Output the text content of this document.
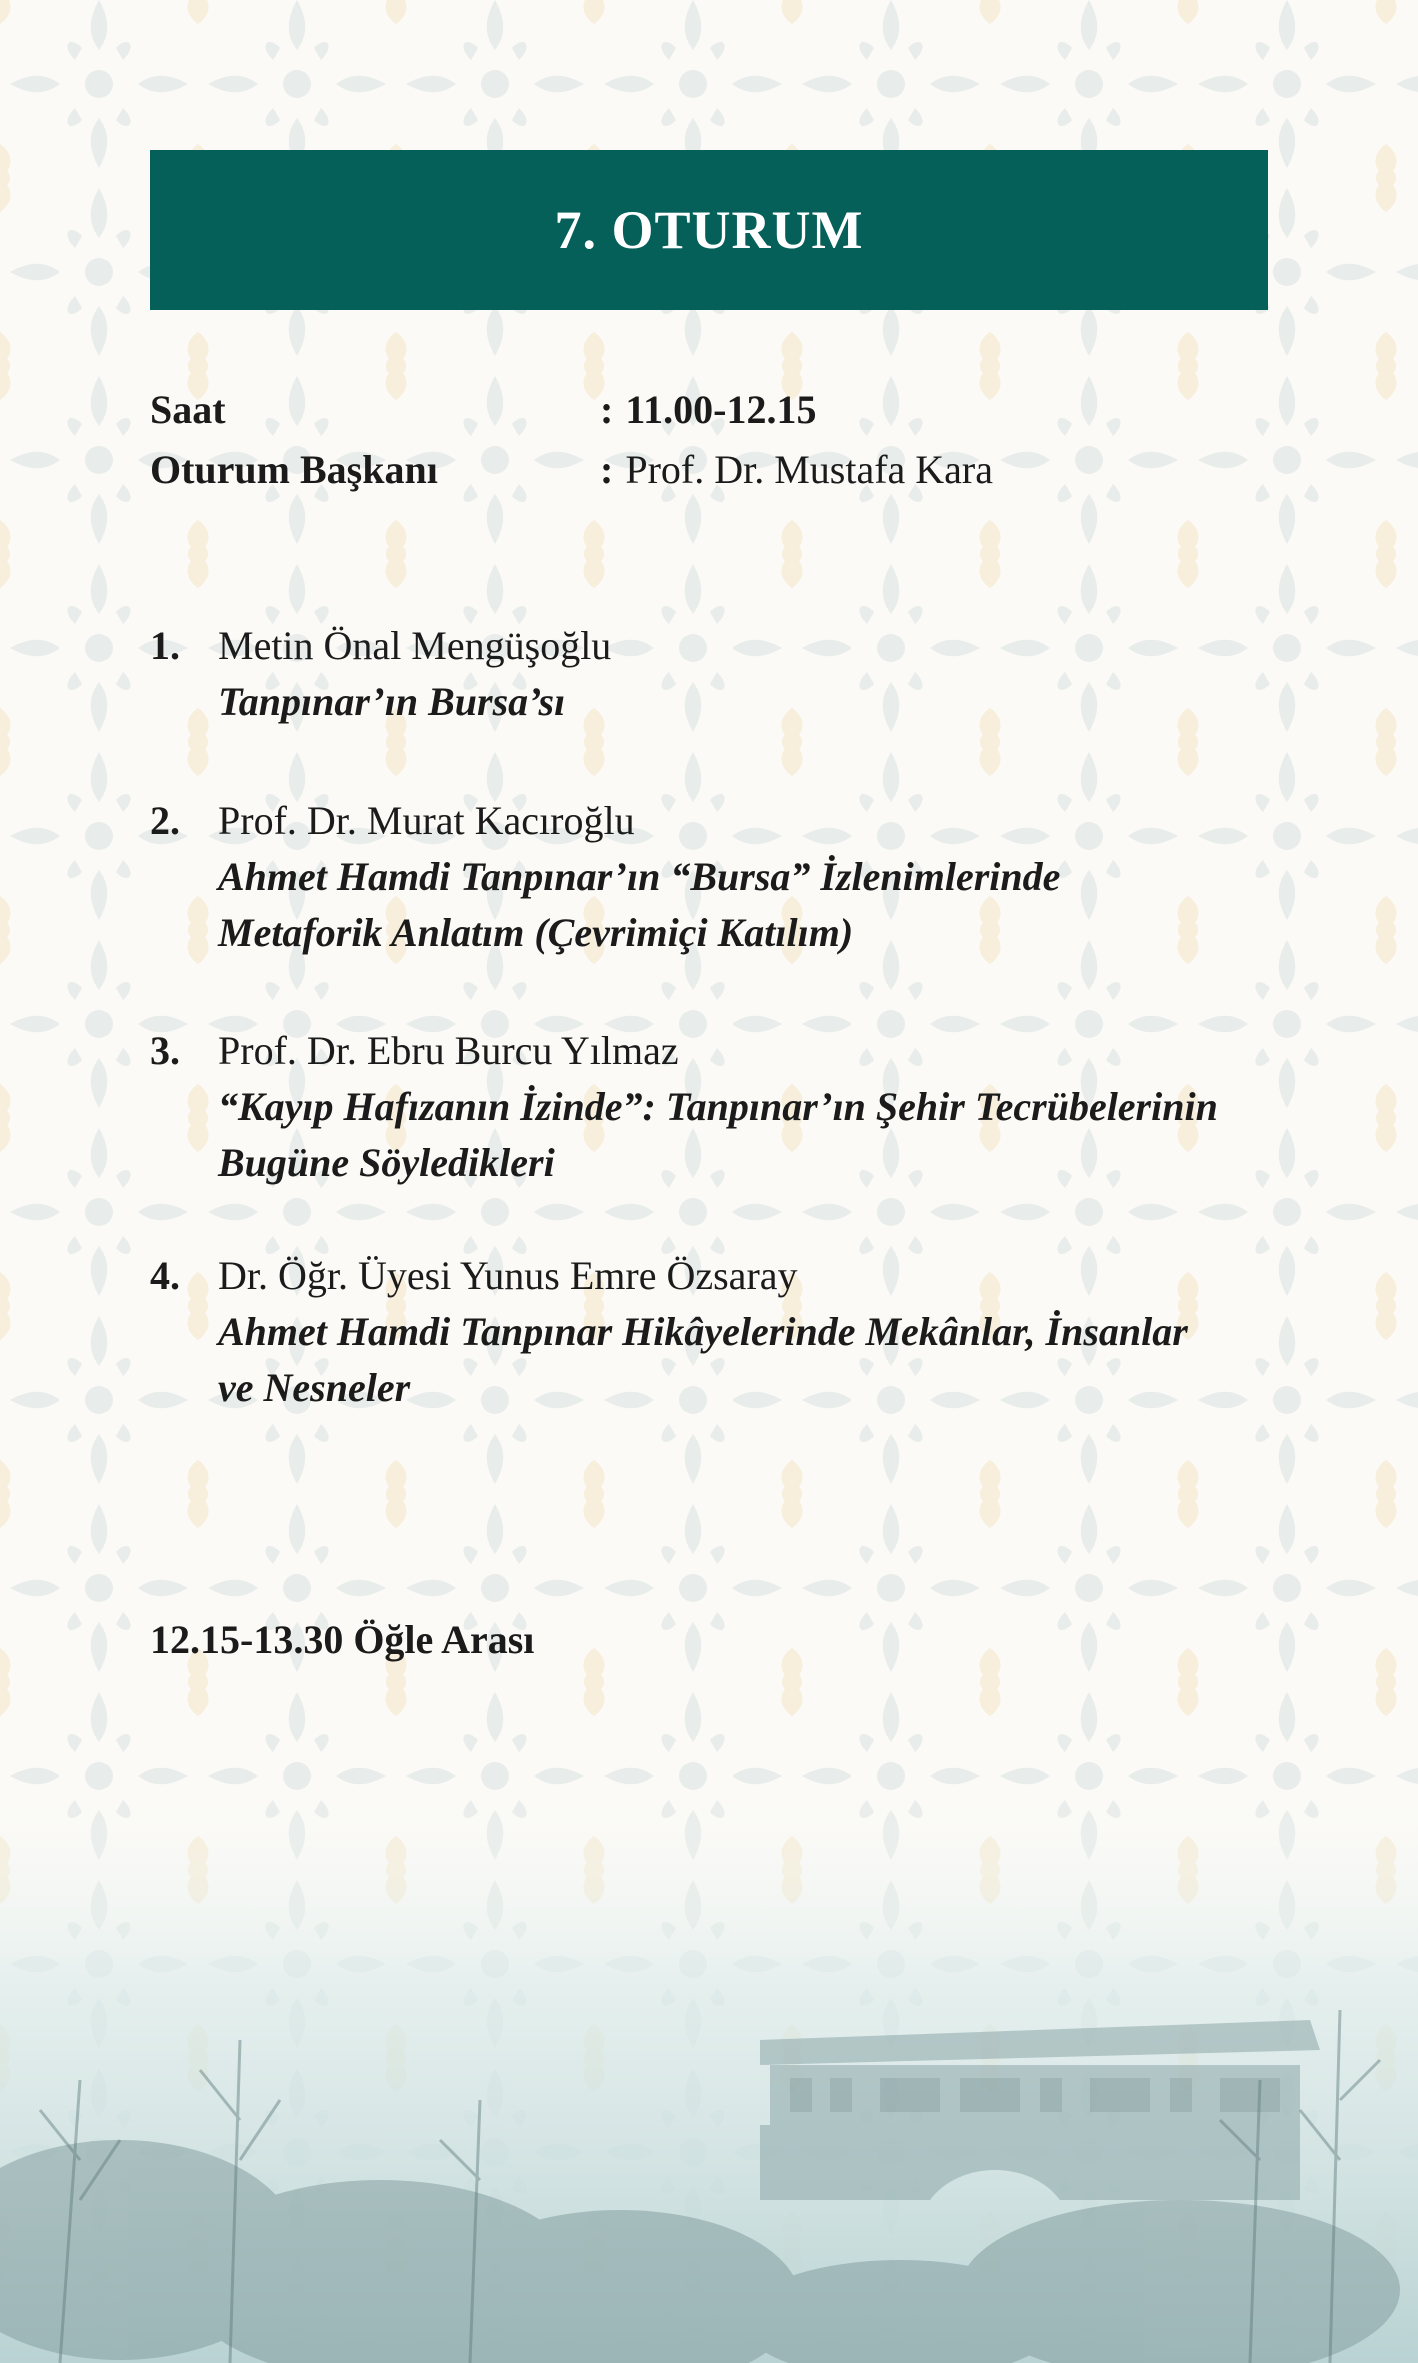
7. OTURUM
Saat	: 11.00-12.15
Oturum Başkanı	: Prof. Dr. Mustafa Kara
1. Metin Önal Mengüşoğlu
Tanpınar’ın Bursa’sı
2. Prof. Dr. Murat Kacıroğlu
Ahmet Hamdi Tanpınar’ın “Bursa” İzlenimlerinde
Metaforik Anlatım (Çevrimiçi Katılım)
3. Prof. Dr. Ebru Burcu Yılmaz
“Kayıp Hafızanın İzinde”: Tanpınar’ın Şehir Tecrübelerinin
Bugüne Söyledikleri
4. Dr. Öğr. Üyesi Yunus Emre Özsaray
Ahmet Hamdi Tanpınar Hikâyelerinde Mekânlar, İnsanlar
ve Nesneler
12.15-13.30 Öğle Arası
